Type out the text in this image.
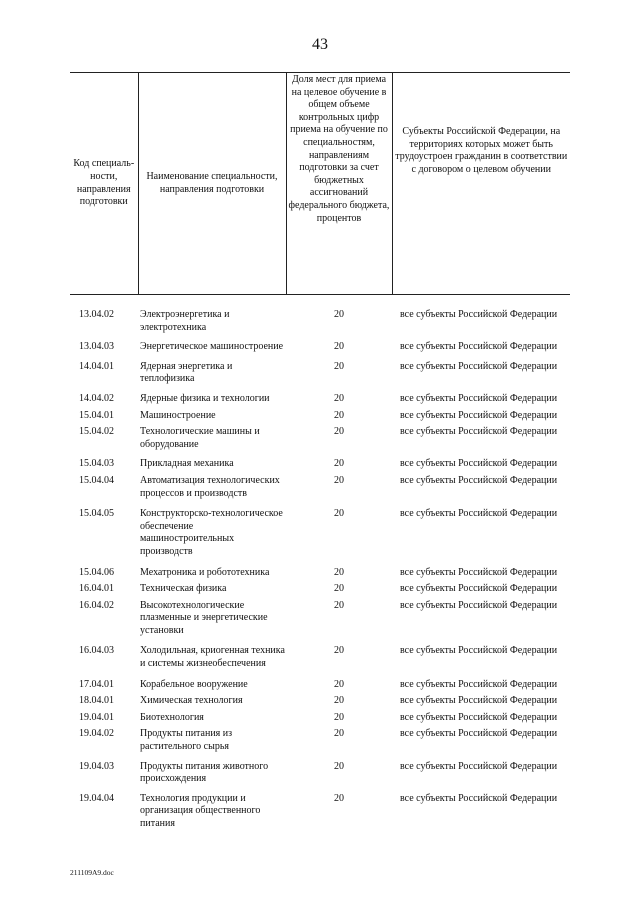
43
Код специаль-ности, направления подготовки	Наименование специальности, направления подготовки	Доля мест для приема на целевое обучение в общем объеме контрольных цифр приема на обучение по специальностям, направлениям подготовки за счет бюджетных ассигнований федерального бюджета, процентов	Субъекты Российской Федерации, на территориях которых может быть трудоустроен гражданин в соответствии с договором о целевом обучении
13.04.02	Электроэнергетика и электротехника	20	все субъекты Российской Федерации
13.04.03	Энергетическое машиностроение	20	все субъекты Российской Федерации
14.04.01	Ядерная энергетика и теплофизика	20	все субъекты Российской Федерации
14.04.02	Ядерные физика и технологии	20	все субъекты Российской Федерации
15.04.01	Машиностроение	20	все субъекты Российской Федерации
15.04.02	Технологические машины и оборудование	20	все субъекты Российской Федерации
15.04.03	Прикладная механика	20	все субъекты Российской Федерации
15.04.04	Автоматизация технологических процессов и производств	20	все субъекты Российской Федерации
15.04.05	Конструкторско-технологическое обеспечение машиностроительных производств	20	все субъекты Российской Федерации
15.04.06	Мехатроника и робототехника	20	все субъекты Российской Федерации
16.04.01	Техническая физика	20	все субъекты Российской Федерации
16.04.02	Высокотехнологические плазменные и энергетические установки	20	все субъекты Российской Федерации
16.04.03	Холодильная, криогенная техника и системы жизнеобеспечения	20	все субъекты Российской Федерации
17.04.01	Корабельное вооружение	20	все субъекты Российской Федерации
18.04.01	Химическая технология	20	все субъекты Российской Федерации
19.04.01	Биотехнология	20	все субъекты Российской Федерации
19.04.02	Продукты питания из растительного сырья	20	все субъекты Российской Федерации
19.04.03	Продукты питания животного происхождения	20	все субъекты Российской Федерации
19.04.04	Технология продукции и организация общественного питания	20	все субъекты Российской Федерации
211109A9.doc
